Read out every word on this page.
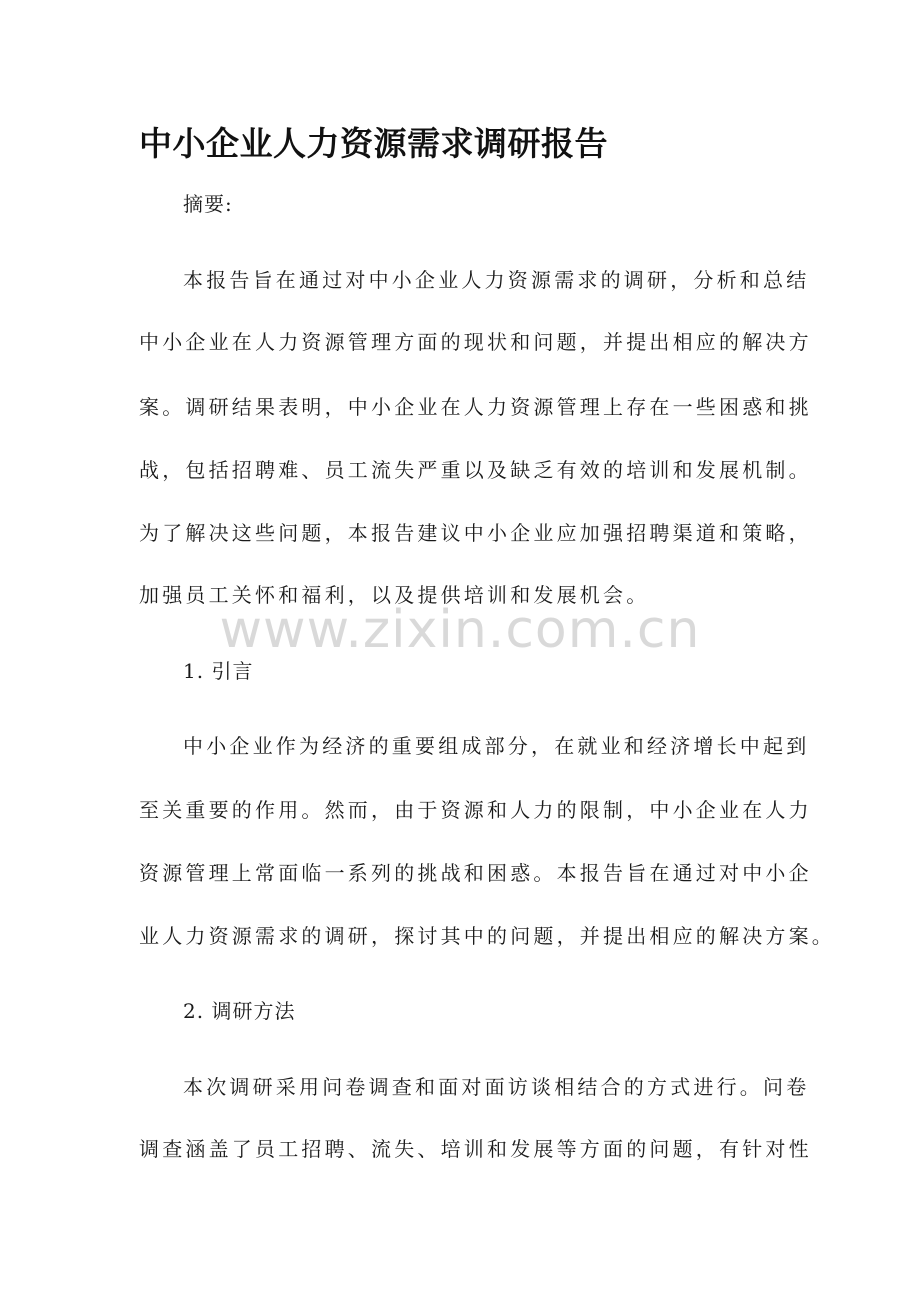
中小企业人力资源需求调研报告
摘要:
本报告旨在通过对中小企业人力资源需求的调研，分析和总结
中小企业在人力资源管理方面的现状和问题，并提出相应的解决方
案。调研结果表明，中小企业在人力资源管理上存在一些困惑和挑
战，包括招聘难、员工流失严重以及缺乏有效的培训和发展机制。
为了解决这些问题，本报告建议中小企业应加强招聘渠道和策略，
加强员工关怀和福利，以及提供培训和发展机会。
www.zixin.com.cn
1. 引言
中小企业作为经济的重要组成部分，在就业和经济增长中起到
至关重要的作用。然而，由于资源和人力的限制，中小企业在人力
资源管理上常面临一系列的挑战和困惑。本报告旨在通过对中小企
业人力资源需求的调研，探讨其中的问题，并提出相应的解决方案。
2. 调研方法
本次调研采用问卷调查和面对面访谈相结合的方式进行。问卷
调查涵盖了员工招聘、流失、培训和发展等方面的问题，有针对性
